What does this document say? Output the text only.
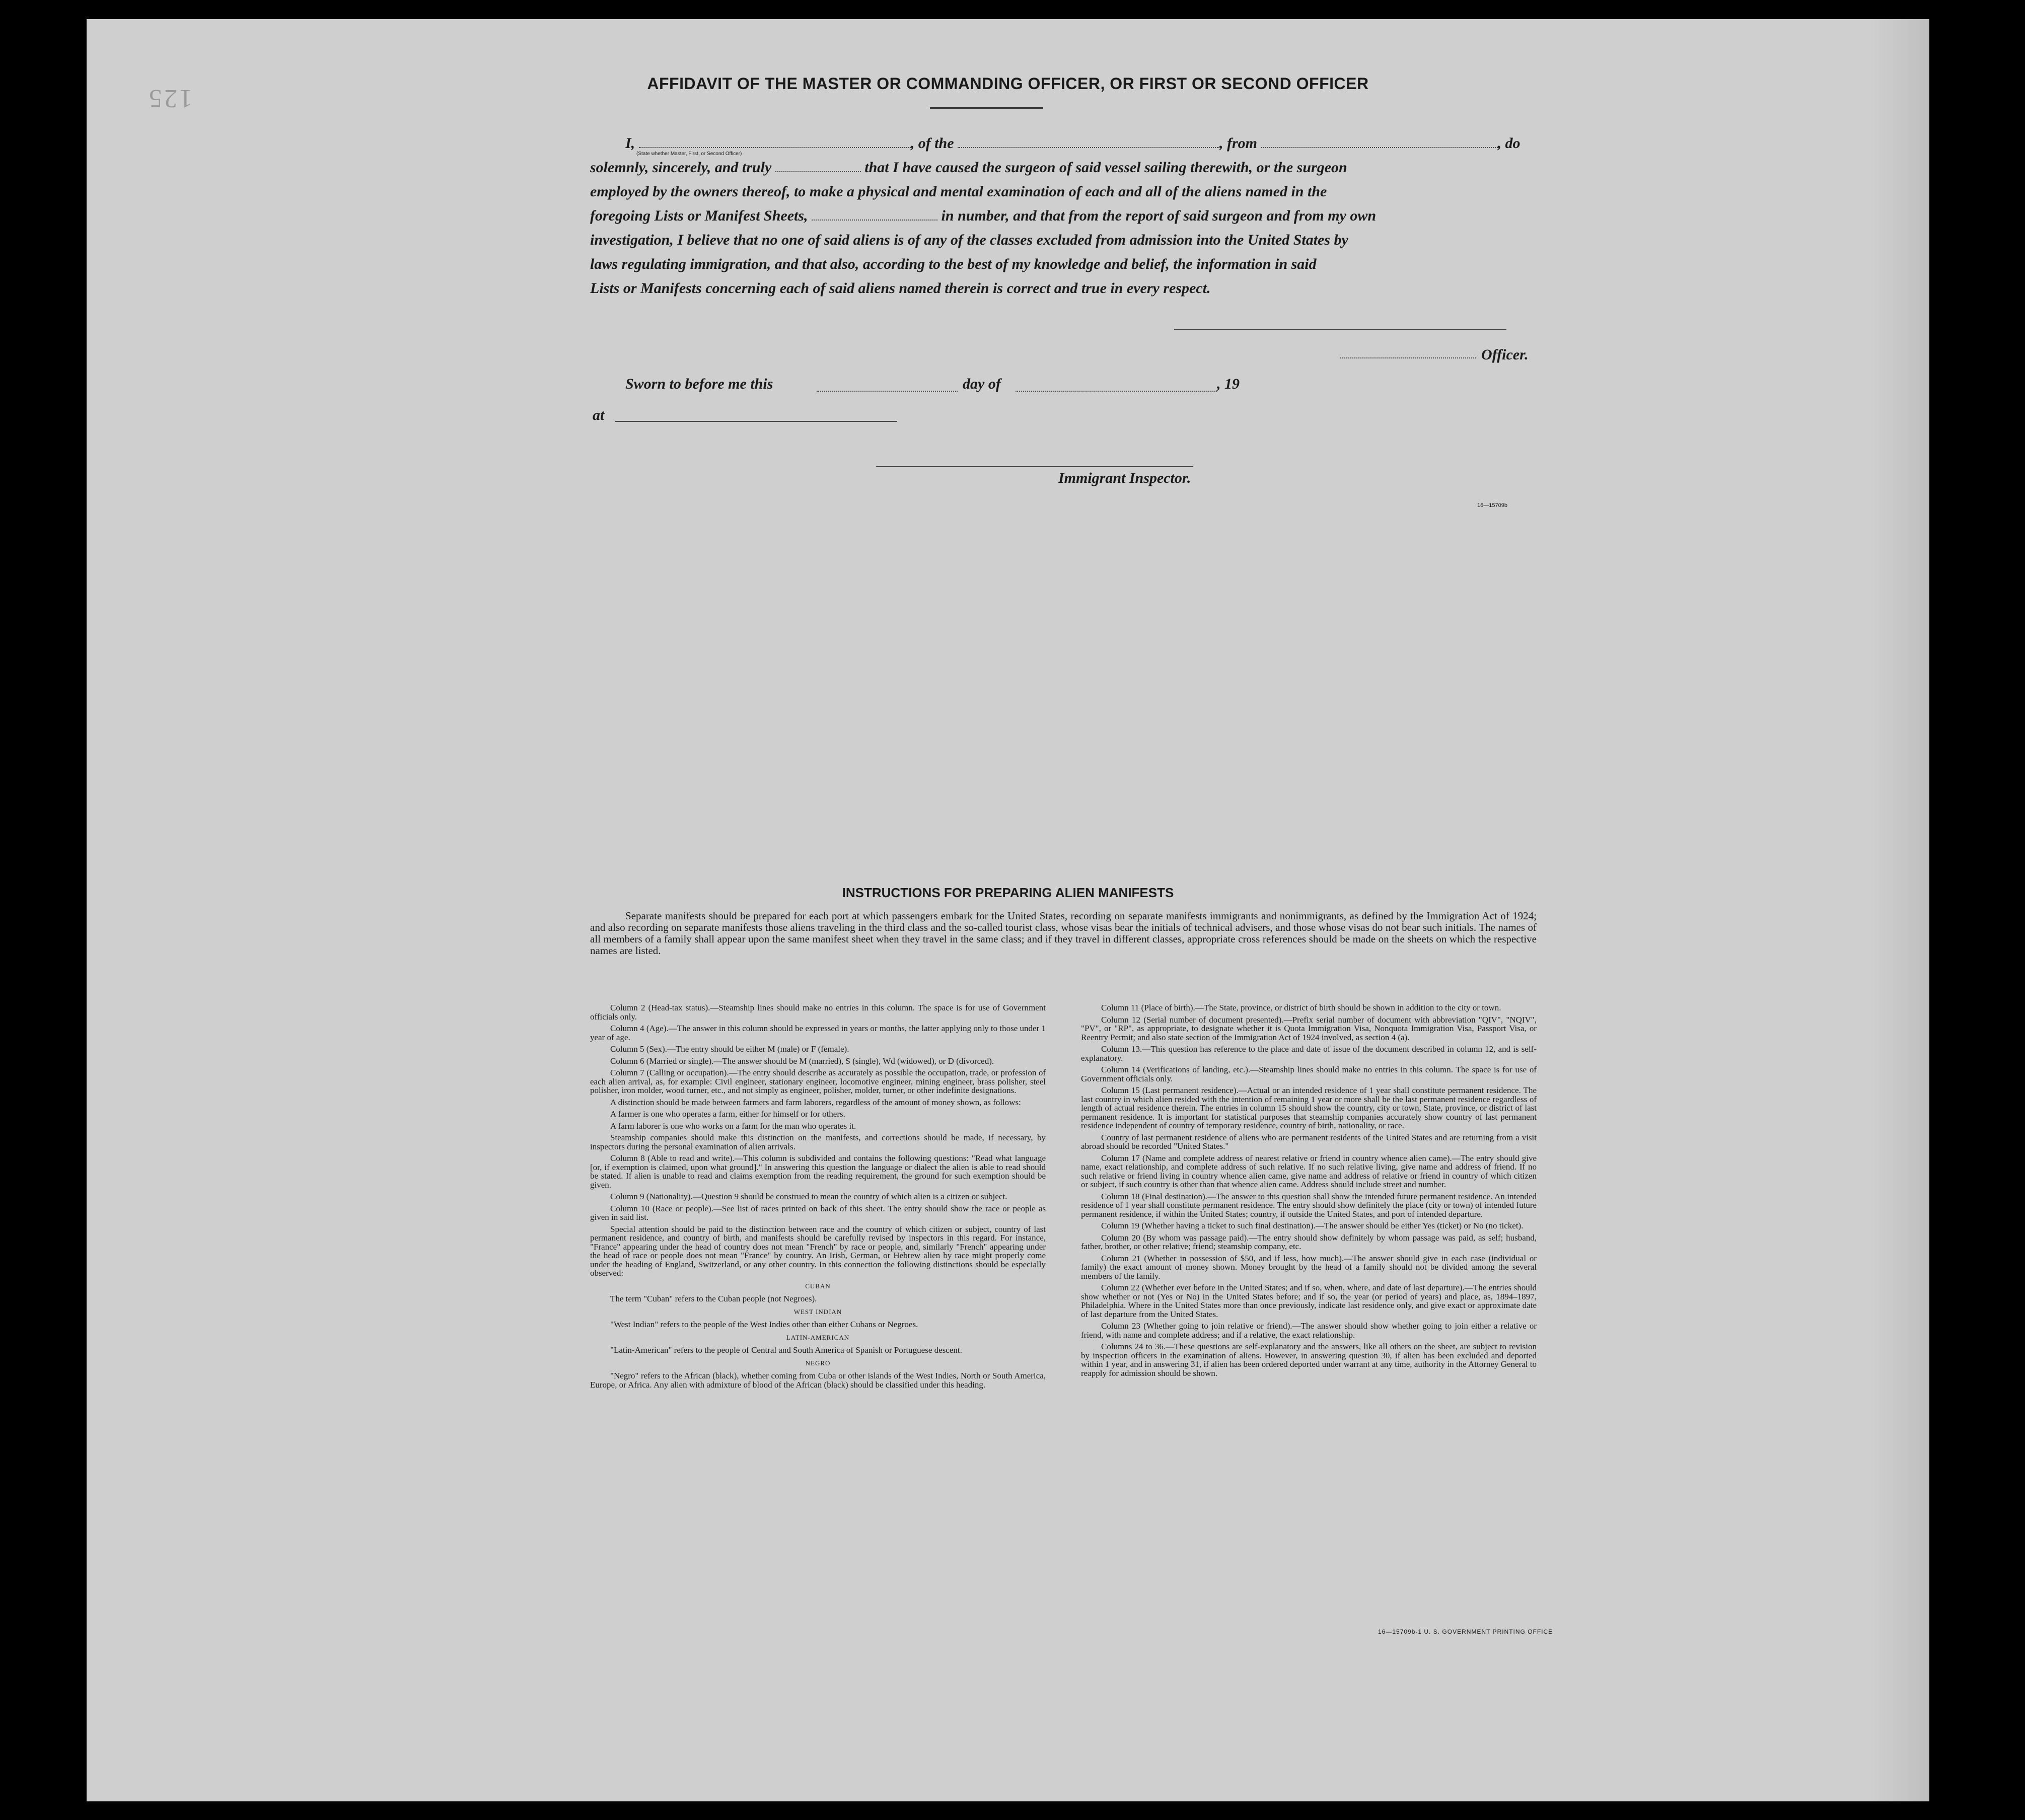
125
AFFIDAVIT OF THE MASTER OR COMMANDING OFFICER, OR FIRST OR SECOND OFFICER
I,	, of the	, from	, do
solemnly, sincerely, and truly	that I have caused the surgeon of said vessel sailing therewith, or the surgeon
employed by the owners thereof, to make a physical and mental examination of each and all of the aliens named in the
foregoing Lists or Manifest Sheets,	in number, and that from the report of said surgeon and from my own
investigation, I believe that no one of said aliens is of any of the classes excluded from admission into the United States by
laws regulating immigration, and that also, according to the best of my knowledge and belief, the information in said
Lists or Manifests concerning each of said aliens named therein is correct and true in every respect.
(State whether Master, First, or Second Officer)
Officer.
Sworn to before me this	day of	, 19
at
Immigrant Inspector.
16—15709b
INSTRUCTIONS FOR PREPARING ALIEN MANIFESTS
Separate manifests should be prepared for each port at which passengers embark for the United States, recording on separate manifests immigrants and nonimmigrants, as defined by the Immigration Act of 1924; and also recording on separate manifests those aliens traveling in the third class and the so-called tourist class, whose visas bear the initials of technical advisers, and those whose visas do not bear such initials. The names of all members of a family shall appear upon the same manifest sheet when they travel in the same class; and if they travel in different classes, appropriate cross references should be made on the sheets on which the respective names are listed.

Column 2 (Head-tax status).—Steamship lines should make no entries in this column. The space is for use of Government officials only.

Column 4 (Age).—The answer in this column should be expressed in years or months, the latter applying only to those under 1 year of age.

Column 5 (Sex).—The entry should be either M (male) or F (female).

Column 6 (Married or single).—The answer should be M (married), S (single), Wd (widowed), or D (divorced).

Column 7 (Calling or occupation).—The entry should describe as accurately as possible the occupation, trade, or profession of each alien arrival, as, for example: Civil engineer, stationary engineer, locomotive engineer, mining engineer, brass polisher, steel polisher, iron molder, wood turner, etc., and not simply as engineer, polisher, molder, turner, or other indefinite designations.

A distinction should be made between farmers and farm laborers, regardless of the amount of money shown, as follows:

A farmer is one who operates a farm, either for himself or for others.

A farm laborer is one who works on a farm for the man who operates it.

Steamship companies should make this distinction on the manifests, and corrections should be made, if necessary, by inspectors during the personal examination of alien arrivals.

Column 8 (Able to read and write).—This column is subdivided and contains the following questions: "Read what language [or, if exemption is claimed, upon what ground]." In answering this question the language or dialect the alien is able to read should be stated. If alien is unable to read and claims exemption from the reading requirement, the ground for such exemption should be given.

Column 9 (Nationality).—Question 9 should be construed to mean the country of which alien is a citizen or subject.

Column 10 (Race or people).—See list of races printed on back of this sheet. The entry should show the race or people as given in said list.

Special attention should be paid to the distinction between race and the country of which citizen or subject, country of last permanent residence, and country of birth, and manifests should be carefully revised by inspectors in this regard. For instance, "France" appearing under the head of country does not mean "French" by race or people, and, similarly "French" appearing under the head of race or people does not mean "France" by country. An Irish, German, or Hebrew alien by race might properly come under the heading of England, Switzerland, or any other country. In this connection the following distinctions should be especially observed:

CUBAN

The term "Cuban" refers to the Cuban people (not Negroes).

WEST INDIAN

"West Indian" refers to the people of the West Indies other than either Cubans or Negroes.

LATIN-AMERICAN

"Latin-American" refers to the people of Central and South America of Spanish or Portuguese descent.

NEGRO

"Negro" refers to the African (black), whether coming from Cuba or other islands of the West Indies, North or South America, Europe, or Africa. Any alien with admixture of blood of the African (black) should be classified under this heading.

Column 11 (Place of birth).—The State, province, or district of birth should be shown in addition to the city or town.

Column 12 (Serial number of document presented).—Prefix serial number of document with abbreviation "QIV", "NQIV", "PV", or "RP", as appropriate, to designate whether it is Quota Immigration Visa, Nonquota Immigration Visa, Passport Visa, or Reentry Permit; and also state section of the Immigration Act of 1924 involved, as section 4 (a).

Column 13.—This question has reference to the place and date of issue of the document described in column 12, and is self-explanatory.

Column 14 (Verifications of landing, etc.).—Steamship lines should make no entries in this column. The space is for use of Government officials only.

Column 15 (Last permanent residence).—Actual or an intended residence of 1 year shall constitute permanent residence. The last country in which alien resided with the intention of remaining 1 year or more shall be the last permanent residence regardless of length of actual residence therein. The entries in column 15 should show the country, city or town, State, province, or district of last permanent residence. It is important for statistical purposes that steamship companies accurately show country of last permanent residence independent of country of temporary residence, country of birth, nationality, or race.

Country of last permanent residence of aliens who are permanent residents of the United States and are returning from a visit abroad should be recorded "United States."

Column 17 (Name and complete address of nearest relative or friend in country whence alien came).—The entry should give name, exact relationship, and complete address of such relative. If no such relative living, give name and address of friend. If no such relative or friend living in country whence alien came, give name and address of relative or friend in country of which citizen or subject, if such country is other than that whence alien came. Address should include street and number.

Column 18 (Final destination).—The answer to this question shall show the intended future permanent residence. An intended residence of 1 year shall constitute permanent residence. The entry should show definitely the place (city or town) of intended future permanent residence, if within the United States; country, if outside the United States, and port of intended departure.

Column 19 (Whether having a ticket to such final destination).—The answer should be either Yes (ticket) or No (no ticket).

Column 20 (By whom was passage paid).—The entry should show definitely by whom passage was paid, as self; husband, father, brother, or other relative; friend; steamship company, etc.

Column 21 (Whether in possession of $50, and if less, how much).—The answer should give in each case (individual or family) the exact amount of money shown. Money brought by the head of a family should not be divided among the several members of the family.

Column 22 (Whether ever before in the United States; and if so, when, where, and date of last departure).—The entries should show whether or not (Yes or No) in the United States before; and if so, the year (or period of years) and place, as, 1894–1897, Philadelphia. Where in the United States more than once previously, indicate last residence only, and give exact or approximate date of last departure from the United States.

Column 23 (Whether going to join relative or friend).—The answer should show whether going to join either a relative or friend, with name and complete address; and if a relative, the exact relationship.

Columns 24 to 36.—These questions are self-explanatory and the answers, like all others on the sheet, are subject to revision by inspection officers in the examination of aliens. However, in answering question 30, if alien has been excluded and deported within 1 year, and in answering 31, if alien has been ordered deported under warrant at any time, authority in the Attorney General to reapply for admission should be shown.

16—15709b-1 U. S. GOVERNMENT PRINTING OFFICE
